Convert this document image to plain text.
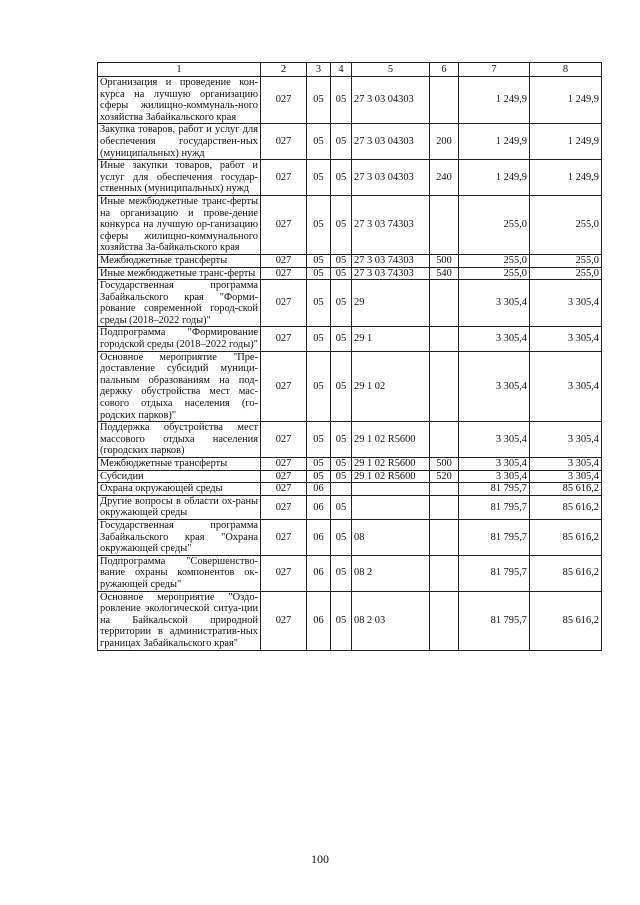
1	2	3	4	5	6	7	8
Организация и проведение кон-курса на лучшую организацию сферы жилищно-коммуналь-ного хозяйства Забайкальского края	027	05	05	27 3 03 04303		1 249,9	1 249,9
Закупка товаров, работ и услуг для обеспечения государствен-ных (муниципальных) нужд	027	05	05	27 3 03 04303	200	1 249,9	1 249,9
Иные закупки товаров, работ и услуг для обеспечения государ-ственных (муниципальных) нужд	027	05	05	27 3 03 04303	240	1 249,9	1 249,9
Иные межбюджетные транс-ферты на организацию и прове-дение конкурса на лучшую ор-ганизацию сферы жилищно-коммунального хозяйства За-байкальского края	027	05	05	27 3 03 74303		255,0	255,0
Межбюджетные трансферты	027	05	05	27 3 03 74303	500	255,0	255,0
Иные межбюджетные транс-ферты	027	05	05	27 3 03 74303	540	255,0	255,0
Государственная программа Забайкальского края "Форми-рование современной город-ской среды (2018–2022 годы)"	027	05	05	29		3 305,4	3 305,4
Подпрограмма "Формирование городской среды (2018–2022 годы)"	027	05	05	29 1		3 305,4	3 305,4
Основное мероприятие "Пре-доставление субсидий муници-пальным образованиям на под-держку обустройства мест мас-сового отдыха населения (го-родских парков)"	027	05	05	29 1 02		3 305,4	3 305,4
Поддержка обустройства мест массового отдыха населения (городских парков)	027	05	05	29 1 02 R5600		3 305,4	3 305,4
Межбюджетные трансферты	027	05	05	29 1 02 R5600	500	3 305,4	3 305,4
Субсидии	027	05	05	29 1 02 R5600	520	3 305,4	3 305,4
Охрана окружающей среды	027	06				81 795,7	85 616,2
Другие вопросы в области ох-раны окружающей среды	027	06	05			81 795,7	85 616,2
Государственная программа Забайкальского края "Охрана окружающей среды"	027	06	05	08		81 795,7	85 616,2
Подпрограмма "Совершенство-вание охраны компонентов ок-ружающей среды"	027	06	05	08 2		81 795,7	85 616,2
Основное мероприятие "Оздо-ровление экологической ситуа-ции на Байкальской природной территории в административ-ных границах Забайкальского края"	027	06	05	08 2 03		81 795,7	85 616,2
100
